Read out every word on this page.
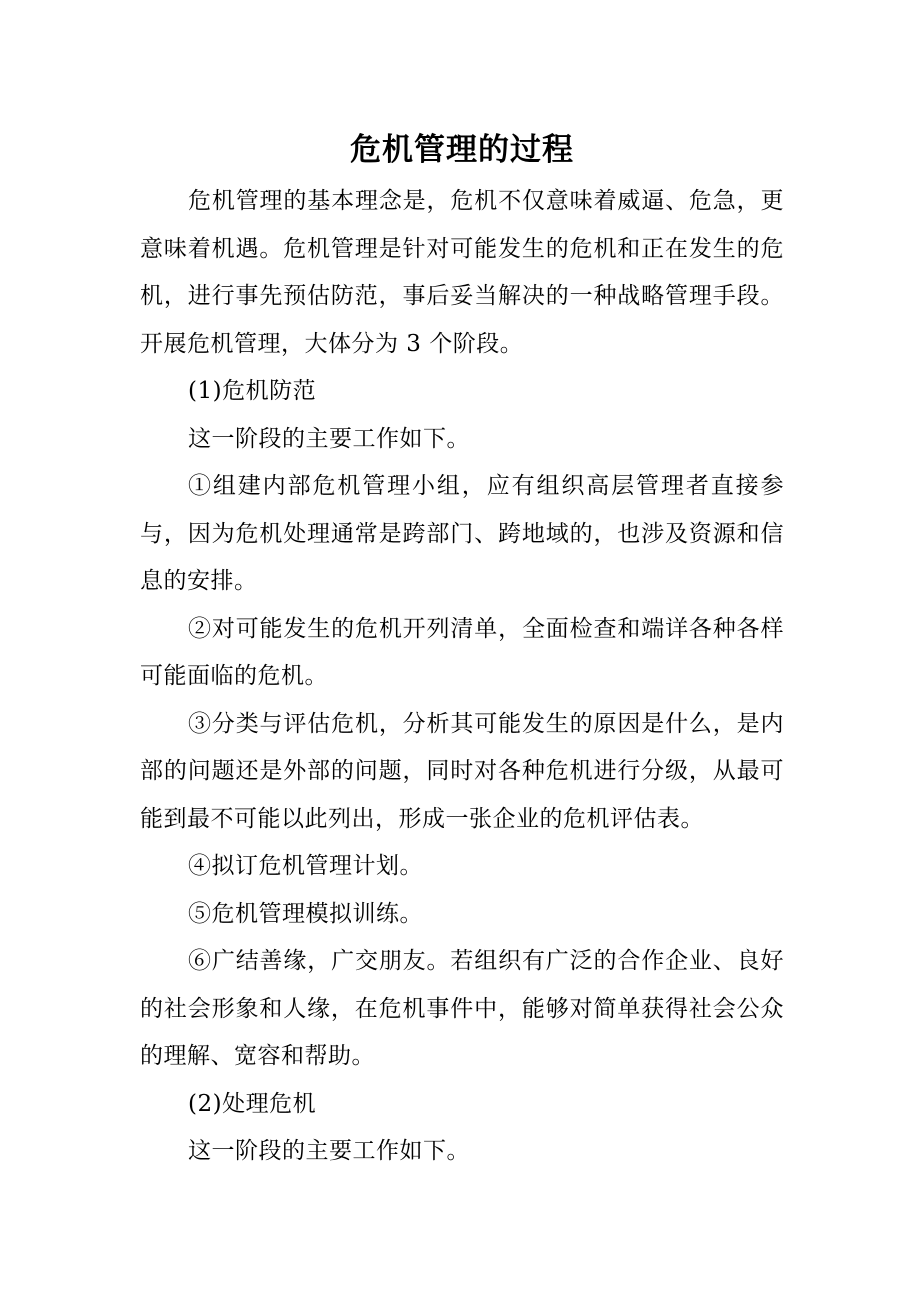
危机管理的过程

危机管理的基本理念是，危机不仅意味着威逼、危急，更意味着机遇。危机管理是针对可能发生的危机和正在发生的危机，进行事先预估防范，事后妥当解决的一种战略管理手段。开展危机管理，大体分为 3 个阶段。

(1)危机防范

这一阶段的主要工作如下。

①组建内部危机管理小组，应有组织高层管理者直接参与，因为危机处理通常是跨部门、跨地域的，也涉及资源和信息的安排。

②对可能发生的危机开列清单，全面检查和端详各种各样可能面临的危机。

③分类与评估危机，分析其可能发生的原因是什么，是内部的问题还是外部的问题，同时对各种危机进行分级，从最可能到最不可能以此列出，形成一张企业的危机评估表。

④拟订危机管理计划。

⑤危机管理模拟训练。

⑥广结善缘，广交朋友。若组织有广泛的合作企业、良好的社会形象和人缘，在危机事件中，能够对简单获得社会公众的理解、宽容和帮助。

(2)处理危机

这一阶段的主要工作如下。
